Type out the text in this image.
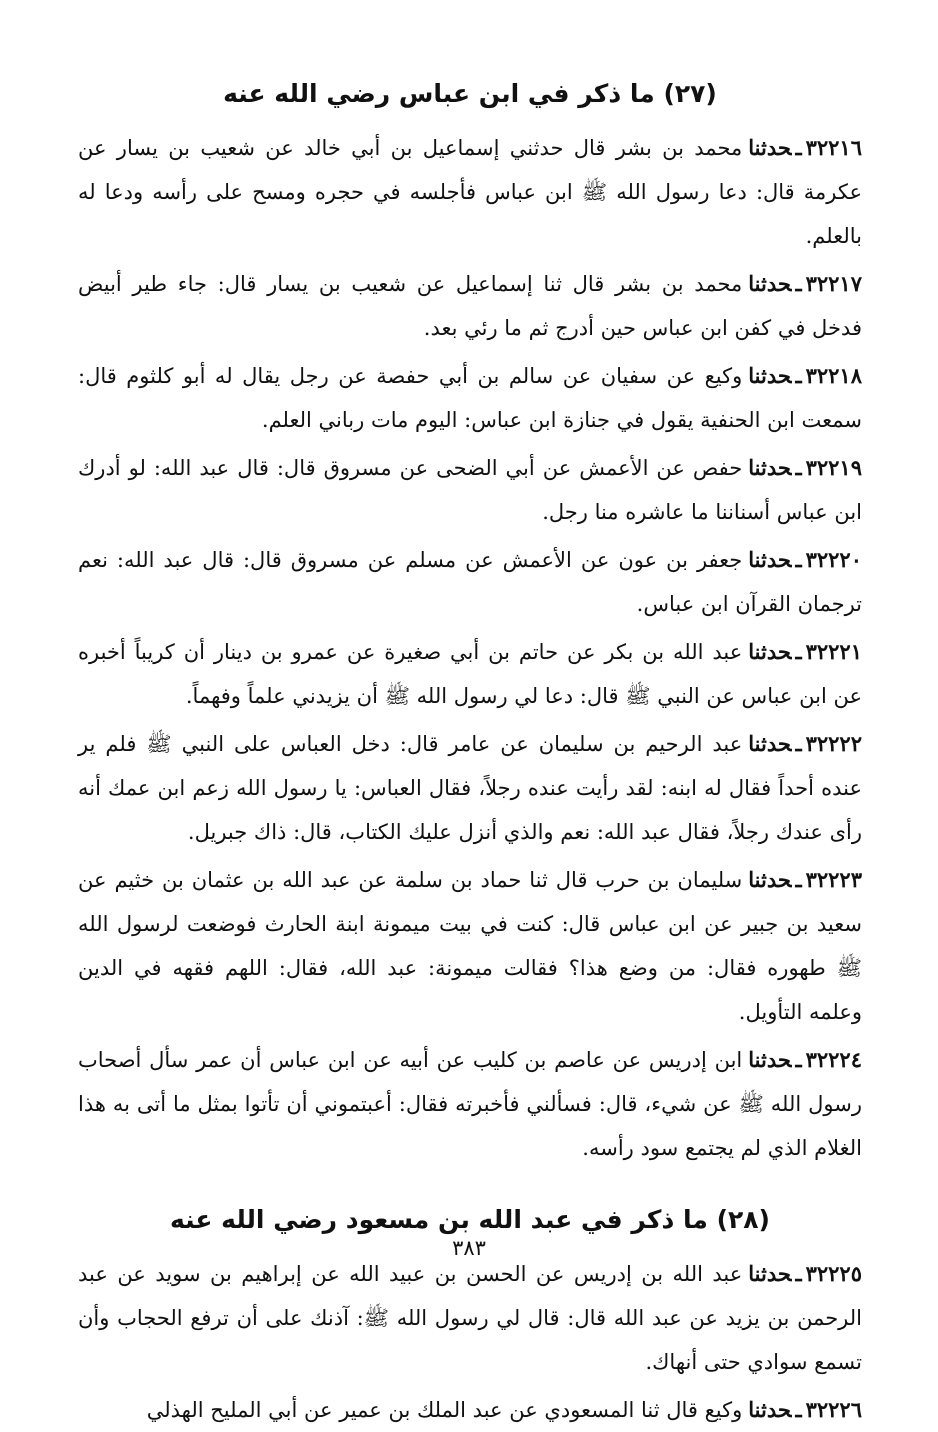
(٢٧) ما ذكر في ابن عباس رضي الله عنه

٣٢٢١٦ـحدثنامحمد بن بشر قال حدثني إسماعيل بن أبي خالد عن شعيب بن يسار عن عكرمة قال: دعا رسول الله ﷺ ابن عباس فأجلسه في حجره ومسح على رأسه ودعا له بالعلم.

٣٢٢١٧ـحدثنامحمد بن بشر قال ثنا إسماعيل عن شعيب بن يسار قال: جاء طير أبيض فدخل في كفن ابن عباس حين أدرج ثم ما رئي بعد.

٣٢٢١٨ـحدثناوكيع عن سفيان عن سالم بن أبي حفصة عن رجل يقال له أبو كلثوم قال: سمعت ابن الحنفية يقول في جنازة ابن عباس: اليوم مات رباني العلم.

٣٢٢١٩ـحدثناحفص عن الأعمش عن أبي الضحى عن مسروق قال: قال عبد الله: لو أدرك ابن عباس أسناننا ما عاشره منا رجل.

٣٢٢٢٠ـحدثناجعفر بن عون عن الأعمش عن مسلم عن مسروق قال: قال عبد الله: نعم ترجمان القرآن ابن عباس.

٣٢٢٢١ـحدثناعبد الله بن بكر عن حاتم بن أبي صغيرة عن عمرو بن دينار أن كريباً أخبره عن ابن عباس عن النبي ﷺ قال: دعا لي رسول الله ﷺ أن يزيدني علماً وفهماً.

٣٢٢٢٢ـحدثناعبد الرحيم بن سليمان عن عامر قال: دخل العباس على النبي ﷺ فلم ير عنده أحداً فقال له ابنه: لقد رأيت عنده رجلاً، فقال العباس: يا رسول الله زعم ابن عمك أنه رأى عندك رجلاً، فقال عبد الله: نعم والذي أنزل عليك الكتاب، قال: ذاك جبريل.

٣٢٢٢٣ـحدثناسليمان بن حرب قال ثنا حماد بن سلمة عن عبد الله بن عثمان بن خثيم عن سعيد بن جبير عن ابن عباس قال: كنت في بيت ميمونة ابنة الحارث فوضعت لرسول الله ﷺ طهوره فقال: من وضع هذا؟ فقالت ميمونة: عبد الله، فقال: اللهم فقهه في الدين وعلمه التأويل.

٣٢٢٢٤ـحدثناابن إدريس عن عاصم بن كليب عن أبيه عن ابن عباس أن عمر سأل أصحاب رسول الله ﷺ عن شيء، قال: فسألني فأخبرته فقال: أعبتموني أن تأتوا بمثل ما أتى به هذا الغلام الذي لم يجتمع سود رأسه.

(٢٨) ما ذكر في عبد الله بن مسعود رضي الله عنه

٣٢٢٢٥ـحدثناعبد الله بن إدريس عن الحسن بن عبيد الله عن إبراهيم بن سويد عن عبد الرحمن بن يزيد عن عبد الله قال: قال لي رسول الله ﷺ: آذنك على أن ترفع الحجاب وأن تسمع سوادي حتى أنهاك.

٣٢٢٢٦ـحدثناوكيع قال ثنا المسعودي عن عبد الملك بن عمير عن أبي المليح الهذلي

٣٨٣
